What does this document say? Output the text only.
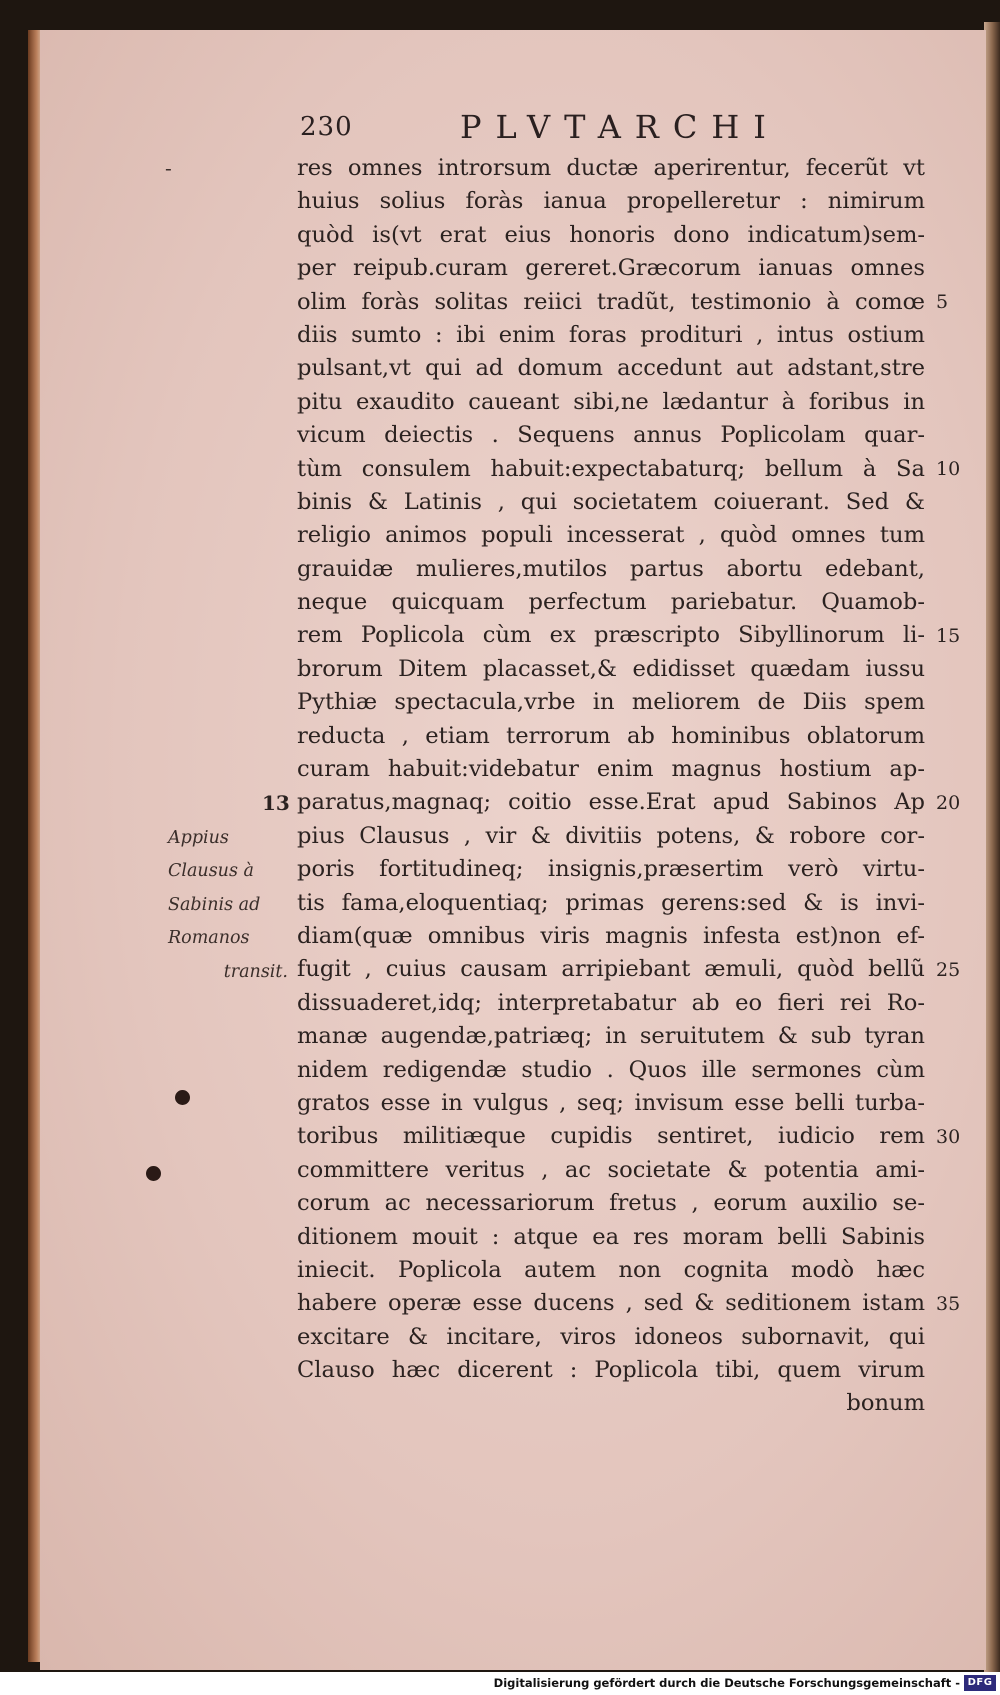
230	PLVTARCHI
-	res omnes introrsum ductæ aperirentur, fecerũt vt
huius solius foràs ianua propelleretur : nimirum
quòd is(vt erat eius honoris dono indicatum)sem-
per reipub.curam gereret.Græcorum ianuas omnes
olim foràs solitas reiici tradũt, testimonio à comœ
diis sumto : ibi enim foras prodituri , intus ostium
pulsant,vt qui ad domum accedunt aut adstant,stre
pitu exaudito caueant sibi,ne lædantur à foribus in
vicum deiectis . Sequens annus Poplicolam quar-
tùm consulem habuit:expectabaturq; bellum à Sa
binis & Latinis , qui societatem coiuerant. Sed &
religio animos populi incesserat , quòd omnes tum
grauidæ mulieres,mutilos partus abortu edebant,
neque quicquam perfectum pariebatur. Quamob-
rem Poplicola cùm ex præscripto Sibyllinorum li-
brorum Ditem placasset,& edidisset quædam iussu
Pythiæ spectacula,vrbe in meliorem de Diis spem
reducta , etiam terrorum ab hominibus oblatorum
curam habuit:videbatur enim magnus hostium ap-
paratus,magnaq; coitio esse.Erat apud Sabinos Ap
pius Clausus , vir & divitiis potens, & robore cor-
poris fortitudineq; insignis,præsertim verò virtu-
tis fama,eloquentiaq; primas gerens:sed & is invi-
diam(quæ omnibus viris magnis infesta est)non ef-
fugit , cuius causam arripiebant æmuli, quòd bellũ
dissuaderet,idq; interpretabatur ab eo fieri rei Ro-
manæ augendæ,patriæq; in seruitutem & sub tyran
nidem redigendæ studio . Quos ille sermones cùm
gratos esse in vulgus , seq; invisum esse belli turba-
toribus militiæque cupidis sentiret, iudicio rem
committere veritus , ac societate & potentia ami-
corum ac necessariorum fretus , eorum auxilio se-
ditionem mouit : atque ea res moram belli Sabinis
iniecit. Poplicola autem non cognita modò hæc
habere operæ esse ducens , sed & seditionem istam
excitare & incitare, viros idoneos subornavit, qui
Clauso hæc dicerent : Poplicola tibi, quem virum
bonum
5
10
15
20
25
30
35
13
Appius
Clausus à
Sabinis ad
Romanos
transit.
Digitalisierung gefördert durch die Deutsche Forschungsgemeinschaft - DFG
